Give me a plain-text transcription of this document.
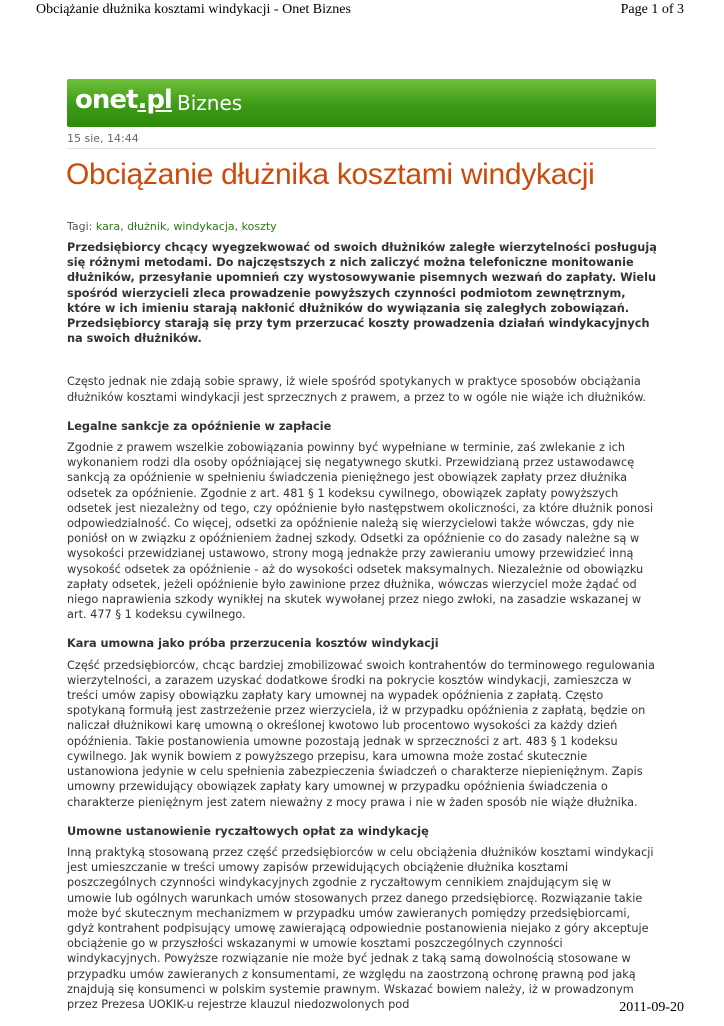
Obciążanie dłużnika kosztami windykacji - Onet Biznes	Page 1 of 3
onet.pl Biznes
15 sie, 14:44
Obciążanie dłużnika kosztami windykacji
Tagi: kara, dłużnik, windykacja, koszty

Przedsiębiorcy chcący wyegzekwować od swoich dłużników zaległe wierzytelności posługują się różnymi metodami. Do najczęstszych z nich zaliczyć można telefoniczne monitowanie dłużników, przesyłanie upomnień czy wystosowywanie pisemnych wezwań do zapłaty. Wielu spośród wierzycieli zleca prowadzenie powyższych czynności podmiotom zewnętrznym, które w ich imieniu starają nakłonić dłużników do wywiązania się zaległych zobowiązań. Przedsiębiorcy starają się przy tym przerzucać koszty prowadzenia działań windykacyjnych na swoich dłużników.

Często jednak nie zdają sobie sprawy, iż wiele spośród spotykanych w praktyce sposobów obciążania dłużników kosztami windykacji jest sprzecznych z prawem, a przez to w ogóle nie wiąże ich dłużników.

Legalne sankcje za opóźnienie w zapłacie

Zgodnie z prawem wszelkie zobowiązania powinny być wypełniane w terminie, zaś zwlekanie z ich wykonaniem rodzi dla osoby opóźniającej się negatywnego skutki. Przewidzianą przez ustawodawcę sankcją za opóźnienie w spełnieniu świadczenia pieniężnego jest obowiązek zapłaty przez dłużnika odsetek za opóźnienie. Zgodnie z art. 481 § 1 kodeksu cywilnego, obowiązek zapłaty powyższych odsetek jest niezależny od tego, czy opóźnienie było następstwem okoliczności, za które dłużnik ponosi odpowiedzialność. Co więcej, odsetki za opóźnienie należą się wierzycielowi także wówczas, gdy nie poniósł on w związku z opóźnieniem żadnej szkody. Odsetki za opóźnienie co do zasady należne są w wysokości przewidzianej ustawowo, strony mogą jednakże przy zawieraniu umowy przewidzieć inną wysokość odsetek za opóźnienie - aż do wysokości odsetek maksymalnych. Niezależnie od obowiązku zapłaty odsetek, jeżeli opóźnienie było zawinione przez dłużnika, wówczas wierzyciel może żądać od niego naprawienia szkody wynikłej na skutek wywołanej przez niego zwłoki, na zasadzie wskazanej w art. 477 § 1 kodeksu cywilnego.

Kara umowna jako próba przerzucenia kosztów windykacji

Część przedsiębiorców, chcąc bardziej zmobilizować swoich kontrahentów do terminowego regulowania wierzytelności, a zarazem uzyskać dodatkowe środki na pokrycie kosztów windykacji, zamieszcza w treści umów zapisy obowiązku zapłaty kary umownej na wypadek opóźnienia z zapłatą. Często spotykaną formułą jest zastrzeżenie przez wierzyciela, iż w przypadku opóźnienia z zapłatą, będzie on naliczał dłużnikowi karę umowną o określonej kwotowo lub procentowo wysokości za każdy dzień opóźnienia. Takie postanowienia umowne pozostają jednak w sprzeczności z art. 483 § 1 kodeksu cywilnego. Jak wynik bowiem z powyższego przepisu, kara umowna może zostać skutecznie ustanowiona jedynie w celu spełnienia zabezpieczenia świadczeń o charakterze niepieniężnym. Zapis umowny przewidujący obowiązek zapłaty kary umownej w przypadku opóźnienia świadczenia o charakterze pieniężnym jest zatem nieważny z mocy prawa i nie w żaden sposób nie wiąże dłużnika.

Umowne ustanowienie ryczałtowych opłat za windykację

Inną praktyką stosowaną przez część przedsiębiorców w celu obciążenia dłużników kosztami windykacji jest umieszczanie w treści umowy zapisów przewidujących obciążenie dłużnika kosztami poszczególnych czynności windykacyjnych zgodnie z ryczałtowym cennikiem znajdującym się w umowie lub ogólnych warunkach umów stosowanych przez danego przedsiębiorcę. Rozwiązanie takie może być skutecznym mechanizmem w przypadku umów zawieranych pomiędzy przedsiębiorcami, gdyż kontrahent podpisujący umowę zawierającą odpowiednie postanowienia niejako z góry akceptuje obciążenie go w przyszłości wskazanymi w umowie kosztami poszczególnych czynności windykacyjnych. Powyższe rozwiązanie nie może być jednak z taką samą dowolnością stosowane w przypadku umów zawieranych z konsumentami, ze względu na zaostrzoną ochronę prawną pod jaką znajdują się konsumenci w polskim systemie prawnym. Wskazać bowiem należy, iż w prowadzonym przez Prezesa UOKIK-u rejestrze klauzul niedozwolonych pod	2011-09-20
